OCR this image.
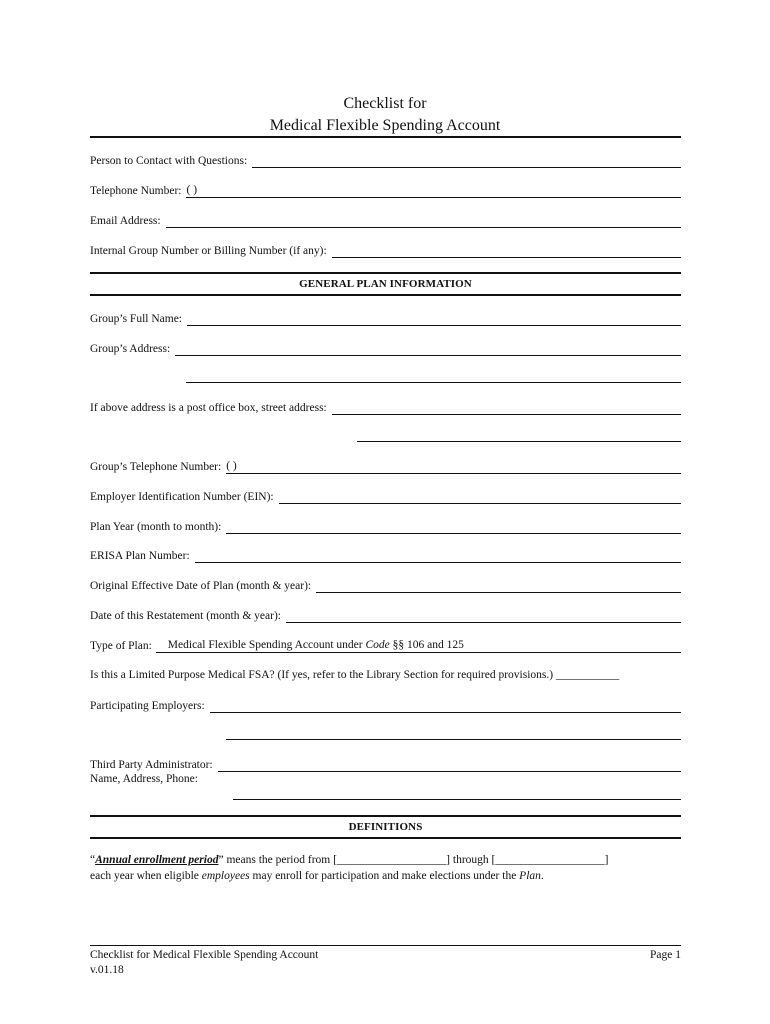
Checklist for
Medical Flexible Spending Account
Person to Contact with Questions:
Telephone Number: ( )
Email Address:
Internal Group Number or Billing Number (if any):
GENERAL PLAN INFORMATION
Group’s Full Name:
Group’s Address:
If above address is a post office box, street address:
Group’s Telephone Number: ( )
Employer Identification Number (EIN):
Plan Year (month to month):
ERISA Plan Number:
Original Effective Date of Plan (month & year):
Date of this Restatement (month & year):
Type of Plan: Medical Flexible Spending Account under Code §§ 106 and 125
Is this a Limited Purpose Medical FSA? (If yes, refer to the Library Section for required provisions.) ___________
Participating Employers:
Third Party Administrator:
Name, Address, Phone:
DEFINITIONS
“Annual enrollment period” means the period from [___________________] through [___________________]
each year when eligible employees may enroll for participation and make elections under the Plan.
Checklist for Medical Flexible Spending Account
v.01.18
Page 1
